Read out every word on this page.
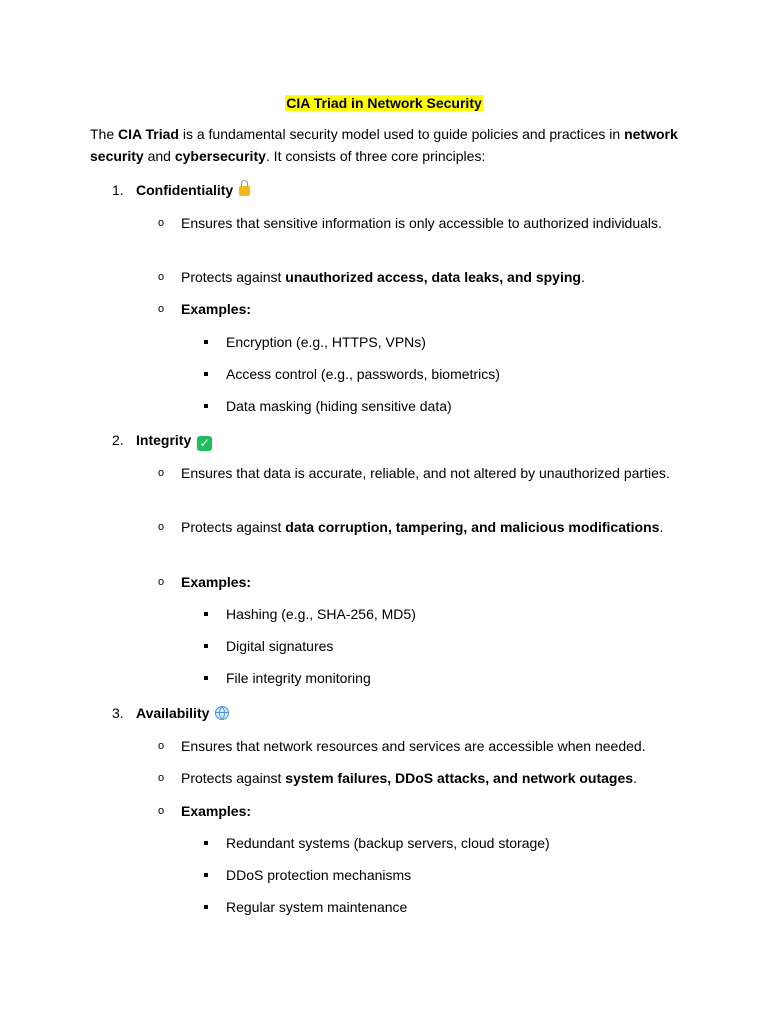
CIA Triad in Network Security

The CIA Triad is a fundamental security model used to guide policies and practices in network security and cybersecurity. It consists of three core principles:

1. Confidentiality
o Ensures that sensitive information is only accessible to authorized individuals.
o Protects against unauthorized access, data leaks, and spying.
o Examples:
Encryption (e.g., HTTPS, VPNs)
Access control (e.g., passwords, biometrics)
Data masking (hiding sensitive data)
2. Integrity ✓
o Ensures that data is accurate, reliable, and not altered by unauthorized parties.
o Protects against data corruption, tampering, and malicious modifications.
o Examples:
Hashing (e.g., SHA-256, MD5)
Digital signatures
File integrity monitoring
3. Availability
o Ensures that network resources and services are accessible when needed.
o Protects against system failures, DDoS attacks, and network outages.
o Examples:
Redundant systems (backup servers, cloud storage)
DDoS protection mechanisms
Regular system maintenance
